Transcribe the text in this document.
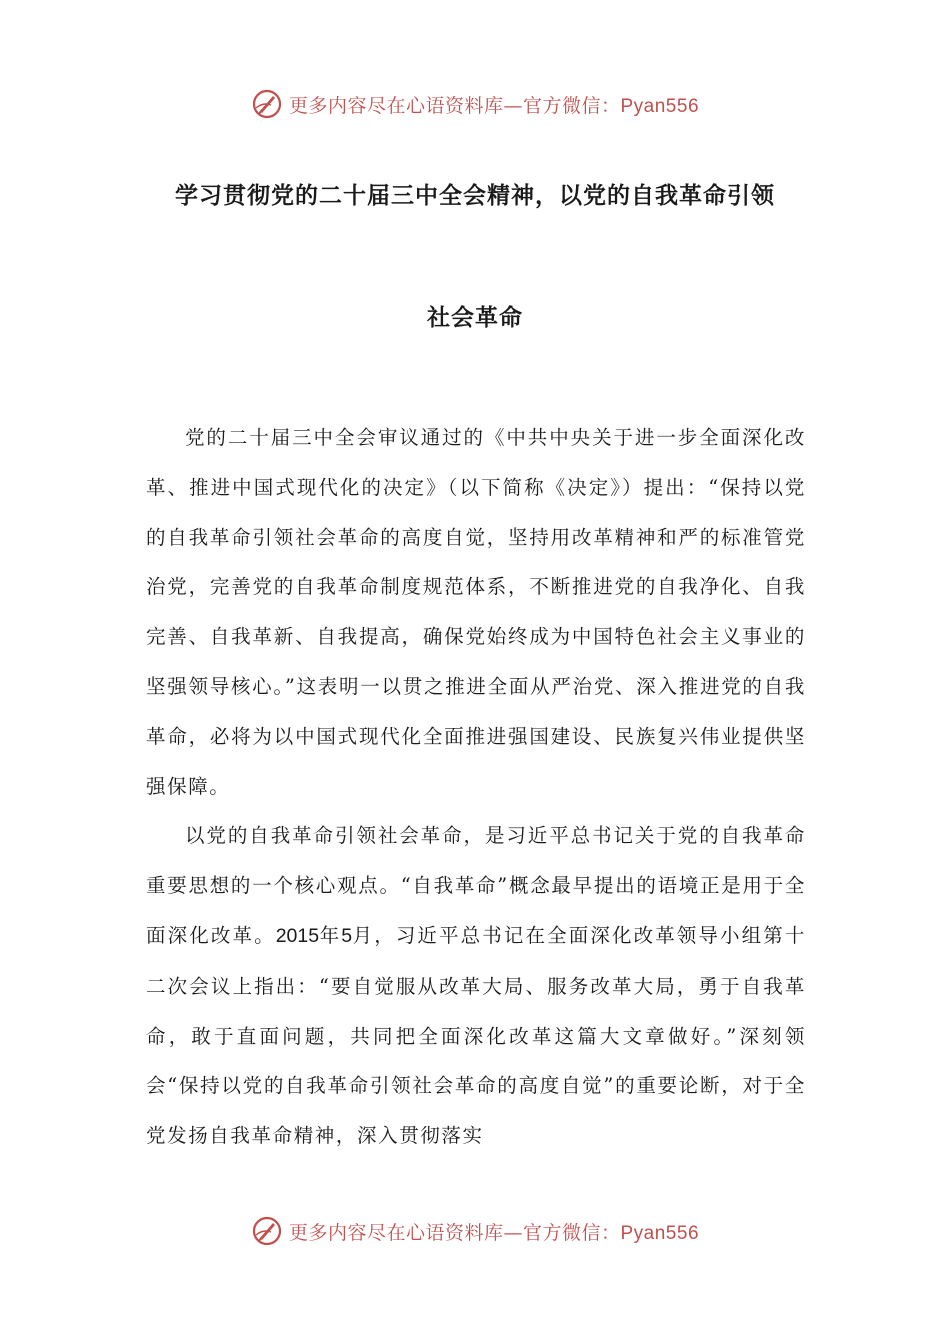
更多内容尽在心语资料库—官方微信：Pyan556
学习贯彻党的二十届三中全会精神，以党的自我革命引领
社会革命

党的二十届三中全会审议通过的《中共中央关于进一步全面深化改革、推进中国式现代化的决定》（以下简称《决定》）提出：“保持以党的自我革命引领社会革命的高度自觉，坚持用改革精神和严的标准管党治党，完善党的自我革命制度规范体系，不断推进党的自我净化、自我完善、自我革新、自我提高，确保党始终成为中国特色社会主义事业的坚强领导核心。”这表明一以贯之推进全面从严治党、深入推进党的自我革命，必将为以中国式现代化全面推进强国建设、民族复兴伟业提供坚强保障。

以党的自我革命引领社会革命，是习近平总书记关于党的自我革命重要思想的一个核心观点。“自我革命”概念最早提出的语境正是用于全面深化改革。2015年5月，习近平总书记在全面深化改革领导小组第十二次会议上指出：“要自觉服从改革大局、服务改革大局，勇于自我革命，敢于直面问题，共同把全面深化改革这篇大文章做好。”深刻领会“保持以党的自我革命引领社会革命的高度自觉”的重要论断，对于全党发扬自我革命精神，深入贯彻落实

更多内容尽在心语资料库—官方微信：Pyan556
